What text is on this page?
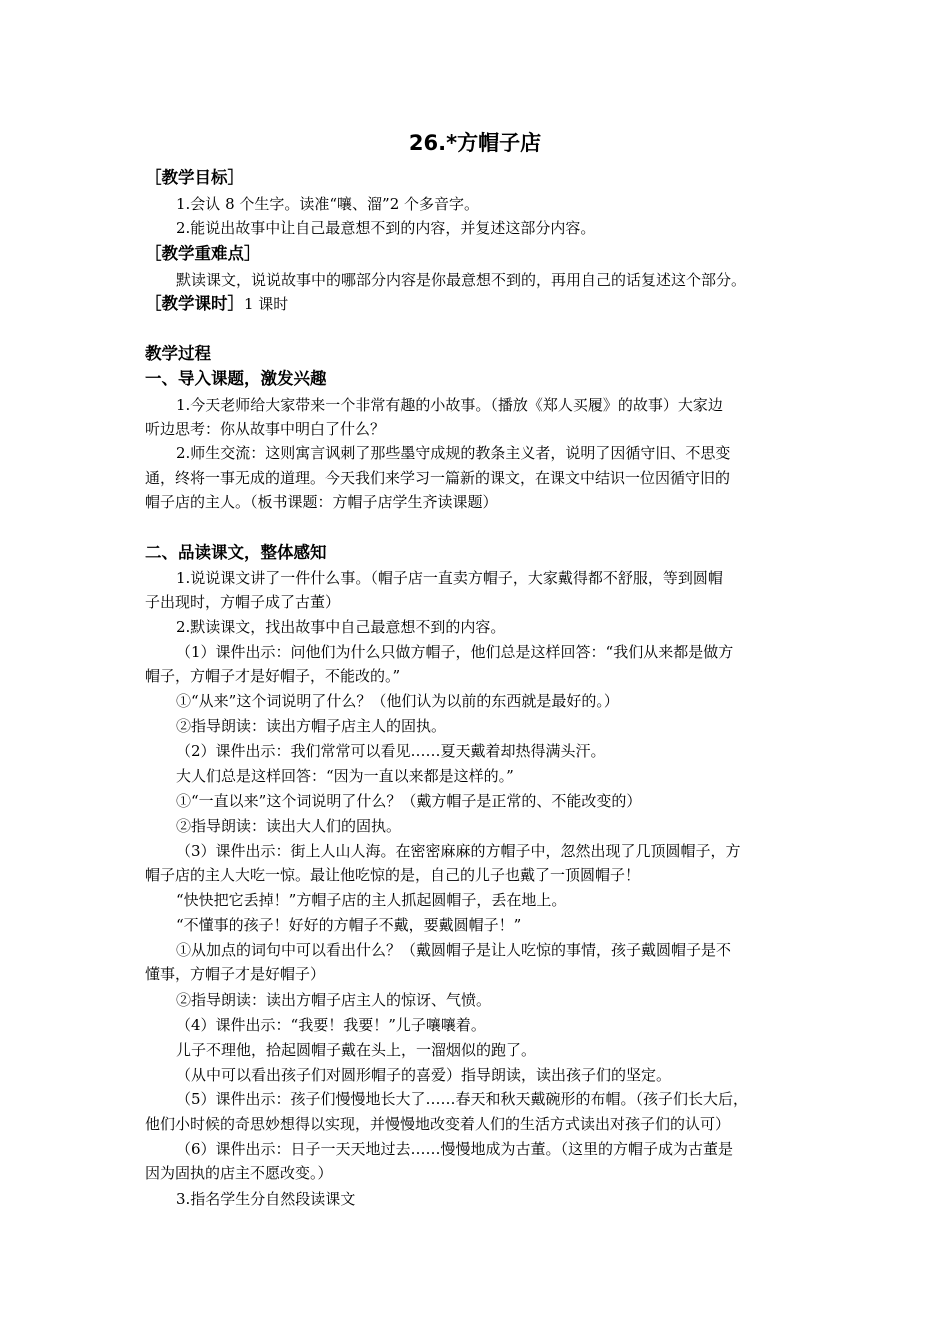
26.*方帽子店
［教学目标］
1.会认 8 个生字。读准“嚷、溜”2 个多音字。
2.能说出故事中让自己最意想不到的内容，并复述这部分内容。
［教学重难点］
默读课文，说说故事中的哪部分内容是你最意想不到的，再用自己的话复述这个部分。
［教学课时］1 课时
教学过程
一、导入课题，激发兴趣
1.今天老师给大家带来一个非常有趣的小故事。（播放《郑人买履》的故事）大家边
听边思考：你从故事中明白了什么？
2.师生交流：这则寓言讽刺了那些墨守成规的教条主义者，说明了因循守旧、不思变
通，终将一事无成的道理。今天我们来学习一篇新的课文，在课文中结识一位因循守旧的
帽子店的主人。（板书课题：方帽子店学生齐读课题）
二、品读课文，整体感知
1.说说课文讲了一件什么事。（帽子店一直卖方帽子，大家戴得都不舒服，等到圆帽
子出现时，方帽子成了古董）
2.默读课文，找出故事中自己最意想不到的内容。
（1）课件出示：问他们为什么只做方帽子，他们总是这样回答：“我们从来都是做方
帽子，方帽子才是好帽子，不能改的。”
①“从来”这个词说明了什么？（他们认为以前的东西就是最好的。）
②指导朗读：读出方帽子店主人的固执。
（2）课件出示：我们常常可以看见……夏天戴着却热得满头汗。
大人们总是这样回答：“因为一直以来都是这样的。”
①“一直以来”这个词说明了什么？（戴方帽子是正常的、不能改变的）
②指导朗读：读出大人们的固执。
（3）课件出示：街上人山人海。在密密麻麻的方帽子中，忽然出现了几顶圆帽子，方
帽子店的主人大吃一惊。最让他吃惊的是，自己的儿子也戴了一顶圆帽子！
“快快把它丢掉！”方帽子店的主人抓起圆帽子，丢在地上。
“不懂事的孩子！好好的方帽子不戴，要戴圆帽子！”
①从加点的词句中可以看出什么？（戴圆帽子是让人吃惊的事情，孩子戴圆帽子是不
懂事，方帽子才是好帽子）
②指导朗读：读出方帽子店主人的惊讶、气愤。
（4）课件出示：“我要！我要！”儿子嚷嚷着。
儿子不理他，拾起圆帽子戴在头上，一溜烟似的跑了。
（从中可以看出孩子们对圆形帽子的喜爱）指导朗读，读出孩子们的坚定。
（5）课件出示：孩子们慢慢地长大了……春天和秋天戴碗形的布帽。（孩子们长大后，
他们小时候的奇思妙想得以实现，并慢慢地改变着人们的生活方式读出对孩子们的认可）
（6）课件出示：日子一天天地过去……慢慢地成为古董。（这里的方帽子成为古董是
因为固执的店主不愿改变。）
3.指名学生分自然段读课文
